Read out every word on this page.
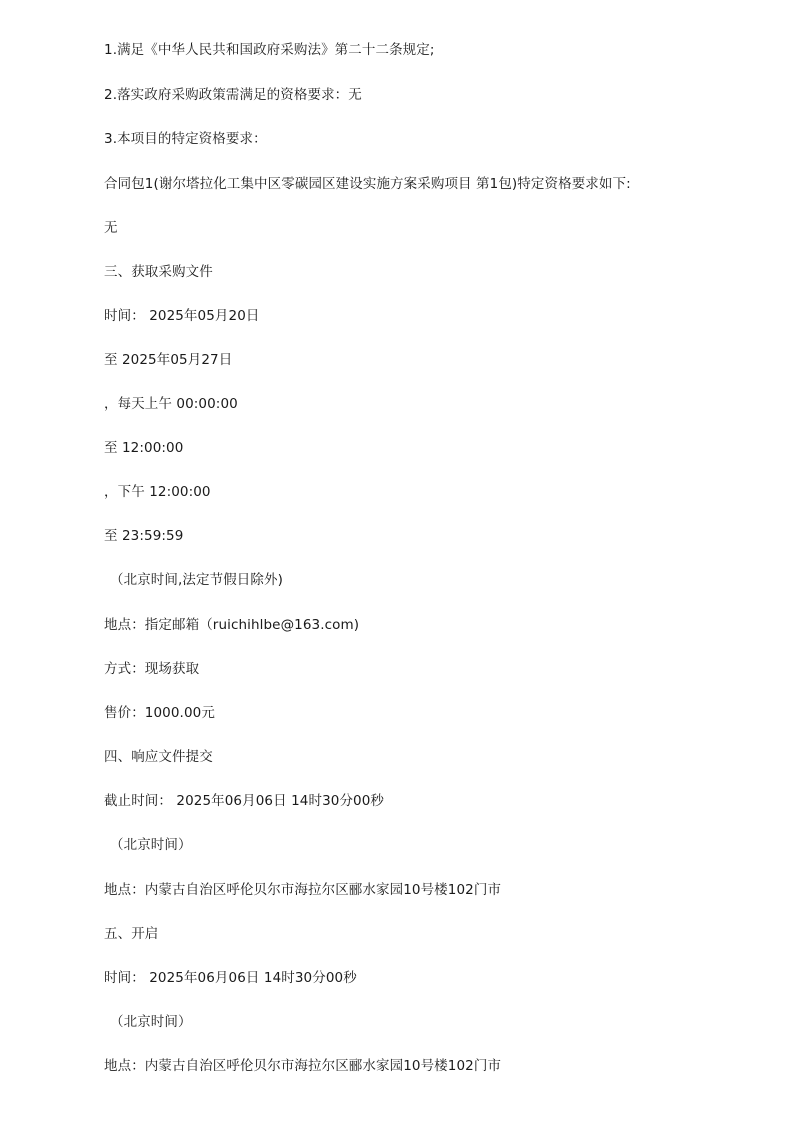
1.满足《中华人民共和国政府采购法》第二十二条规定;
2.落实政府采购政策需满足的资格要求：无
3.本项目的特定资格要求：
合同包1(谢尔塔拉化工集中区零碳园区建设实施方案采购项目 第1包)特定资格要求如下:
无
三、获取采购文件
时间： 2025年05月20日
至 2025年05月27日
，每天上午 00:00:00
至 12:00:00
，下午 12:00:00
至 23:59:59
（北京时间,法定节假日除外)
地点：指定邮箱（ruichihlbe@163.com)
方式：现场获取
售价：1000.00元
四、响应文件提交
截止时间： 2025年06月06日 14时30分00秒
（北京时间）
地点：内蒙古自治区呼伦贝尔市海拉尔区郦水家园10号楼102门市
五、开启
时间： 2025年06月06日 14时30分00秒
（北京时间）
地点：内蒙古自治区呼伦贝尔市海拉尔区郦水家园10号楼102门市
